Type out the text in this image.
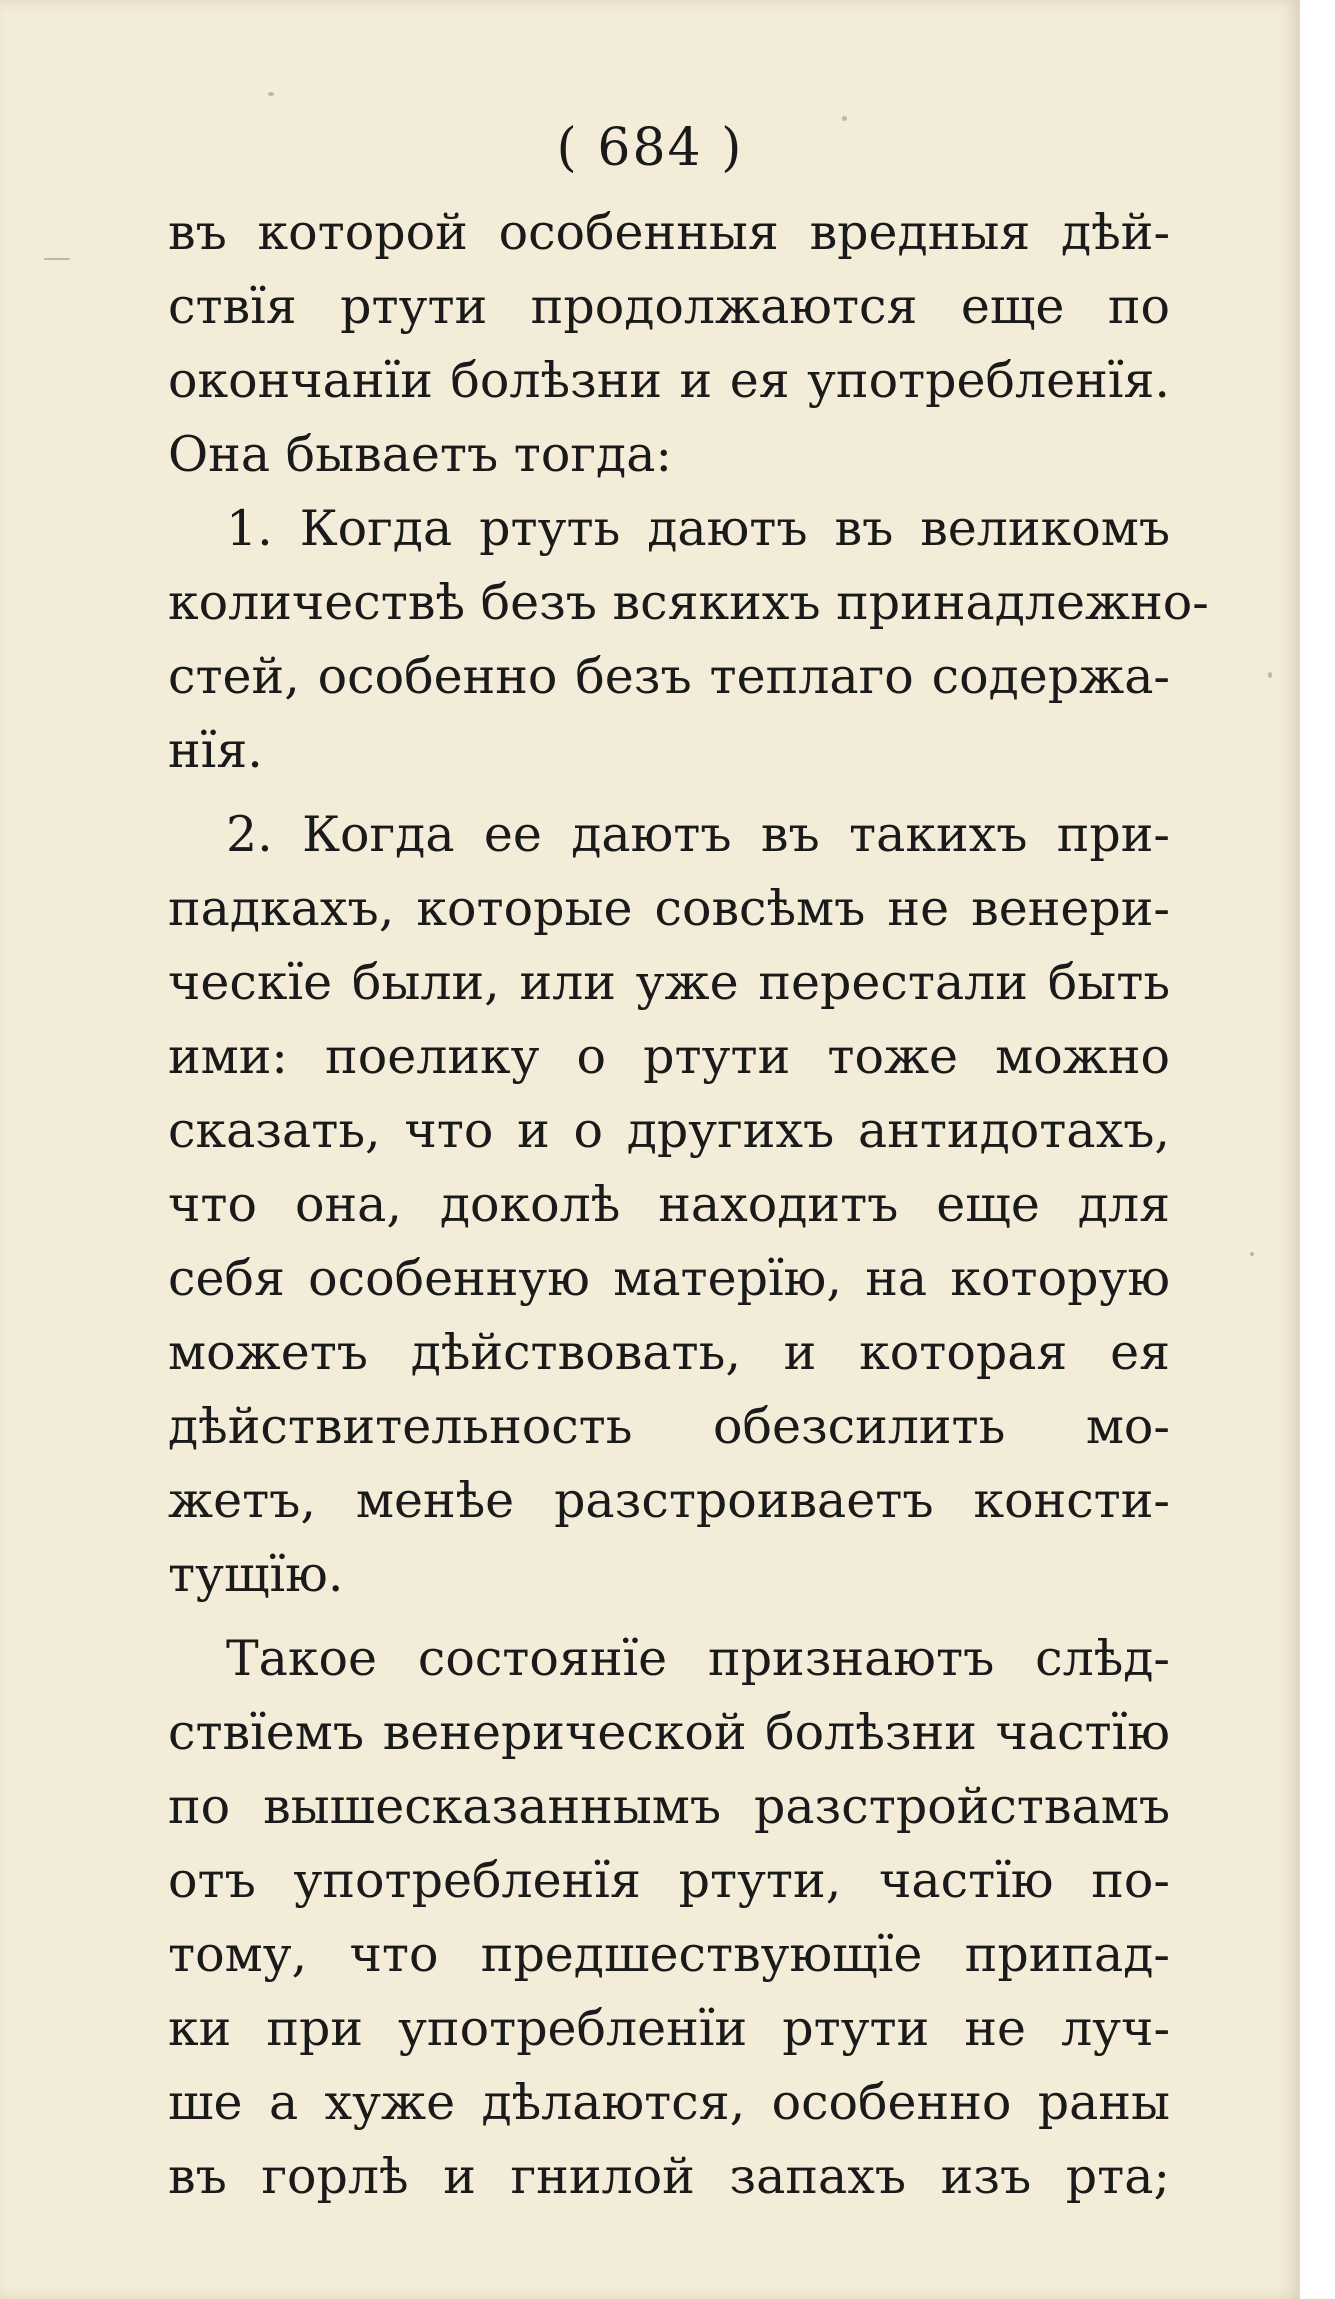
( 684 )
въ которой особенныя вредныя дѣй-
ствїя ртути продолжаются еще по
окончанїи болѣзни и ея употребленїя.
Она бываетъ тогда:
1. Когда ртуть даютъ въ великомъ
количествѣ безъ всякихъ принадлежно-
стей, особенно безъ теплаго содержа-
нїя.
2. Когда ее даютъ въ такихъ при-
падкахъ, которые совсѣмъ не венери-
ческїе были, или уже перестали быть
ими: поелику о ртути тоже можно
сказать, что и о другихъ антидотахъ,
что она, доколѣ находитъ еще для
себя особенную матерїю, на которую
можетъ дѣйствовать, и которая ея
дѣйствительность обезсилить мо-
жетъ, менѣе разстроиваетъ консти-
тущїю.
Такое состоянїе признаютъ слѣд-
ствїемъ венерической болѣзни частїю
по вышесказаннымъ разстройствамъ
отъ употребленїя ртути, частїю по-
тому, что предшествующїе припад-
ки при употребленїи ртути не луч-
ше а хуже дѣлаются, особенно раны
въ горлѣ и гнилой запахъ изъ рта;
